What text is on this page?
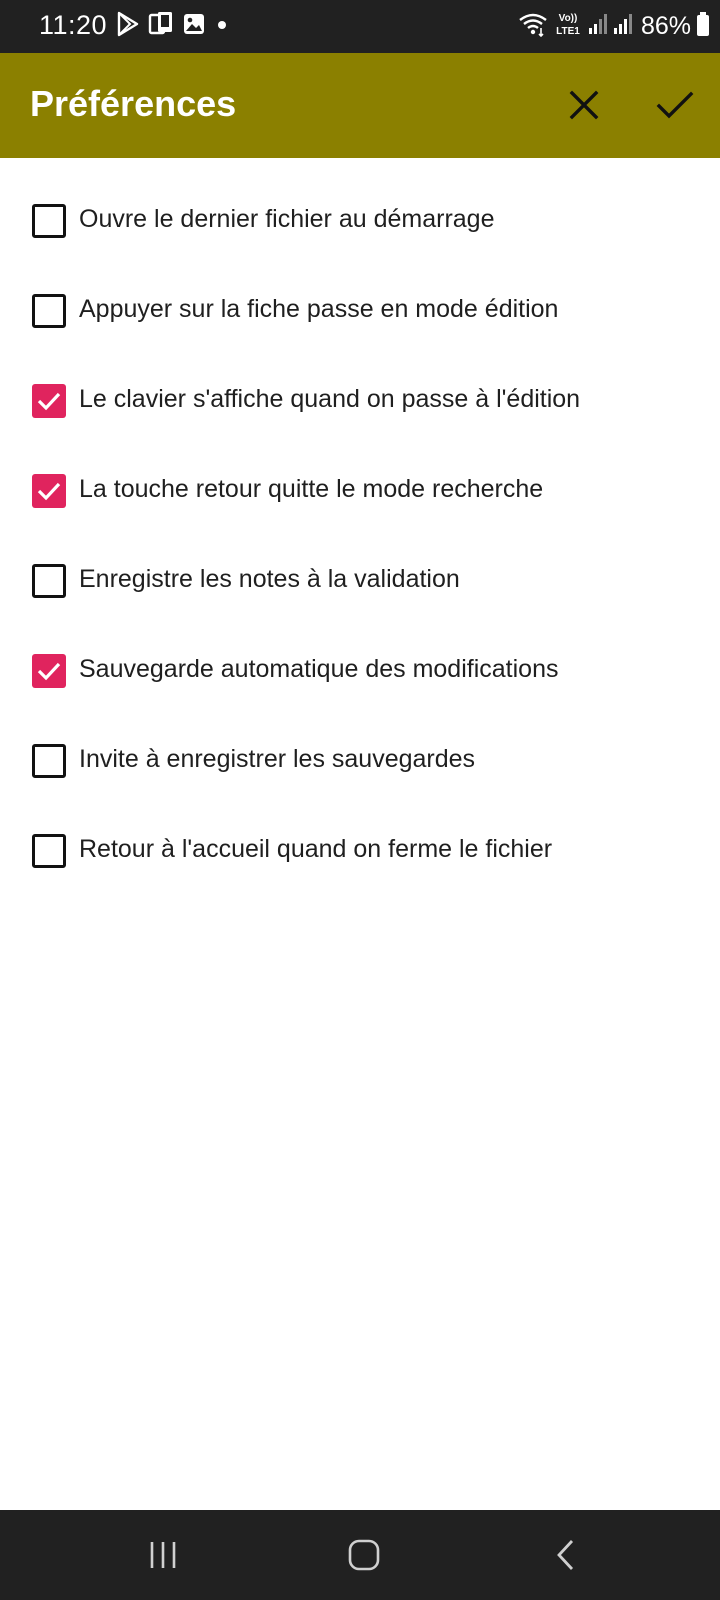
11:20	Vo))
LTE1 86%
Préférences
Ouvre le dernier fichier au démarrage
Appuyer sur la fiche passe en mode édition
Le clavier s'affiche quand on passe à l'édition
La touche retour quitte le mode recherche
Enregistre les notes à la validation
Sauvegarde automatique des modifications
Invite à enregistrer les sauvegardes
Retour à l'accueil quand on ferme le fichier
